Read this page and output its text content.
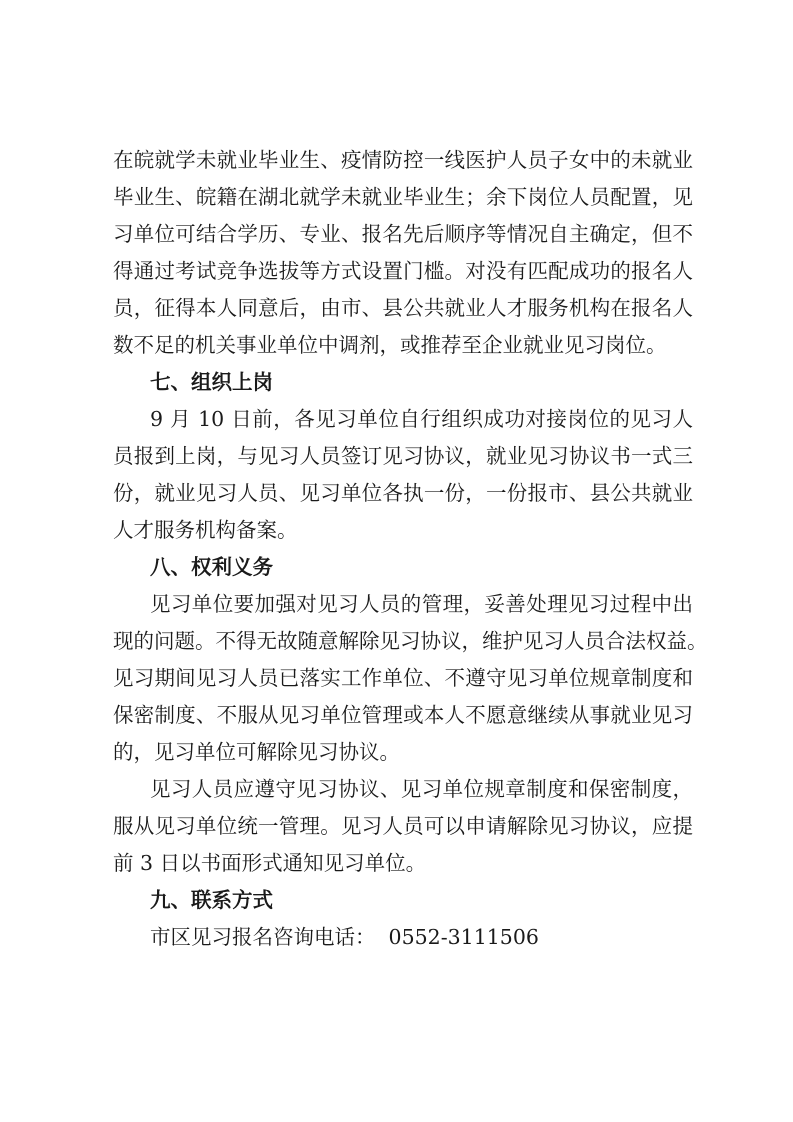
在皖就学未就业毕业生、疫情防控一线医护人员子女中的未就业
毕业生、皖籍在湖北就学未就业毕业生；余下岗位人员配置，见
习单位可结合学历、专业、报名先后顺序等情况自主确定，但不
得通过考试竞争选拔等方式设置门槛。对没有匹配成功的报名人
员，征得本人同意后，由市、县公共就业人才服务机构在报名人
数不足的机关事业单位中调剂，或推荐至企业就业见习岗位。
七、组织上岗
9 月 10 日前，各见习单位自行组织成功对接岗位的见习人
员报到上岗，与见习人员签订见习协议，就业见习协议书一式三
份，就业见习人员、见习单位各执一份，一份报市、县公共就业
人才服务机构备案。
八、权利义务
见习单位要加强对见习人员的管理，妥善处理见习过程中出
现的问题。不得无故随意解除见习协议，维护见习人员合法权益。
见习期间见习人员已落实工作单位、不遵守见习单位规章制度和
保密制度、不服从见习单位管理或本人不愿意继续从事就业见习
的，见习单位可解除见习协议。
见习人员应遵守见习协议、见习单位规章制度和保密制度，
服从见习单位统一管理。见习人员可以申请解除见习协议，应提
前 3 日以书面形式通知见习单位。
九、联系方式
市区见习报名咨询电话：  0552-3111506
